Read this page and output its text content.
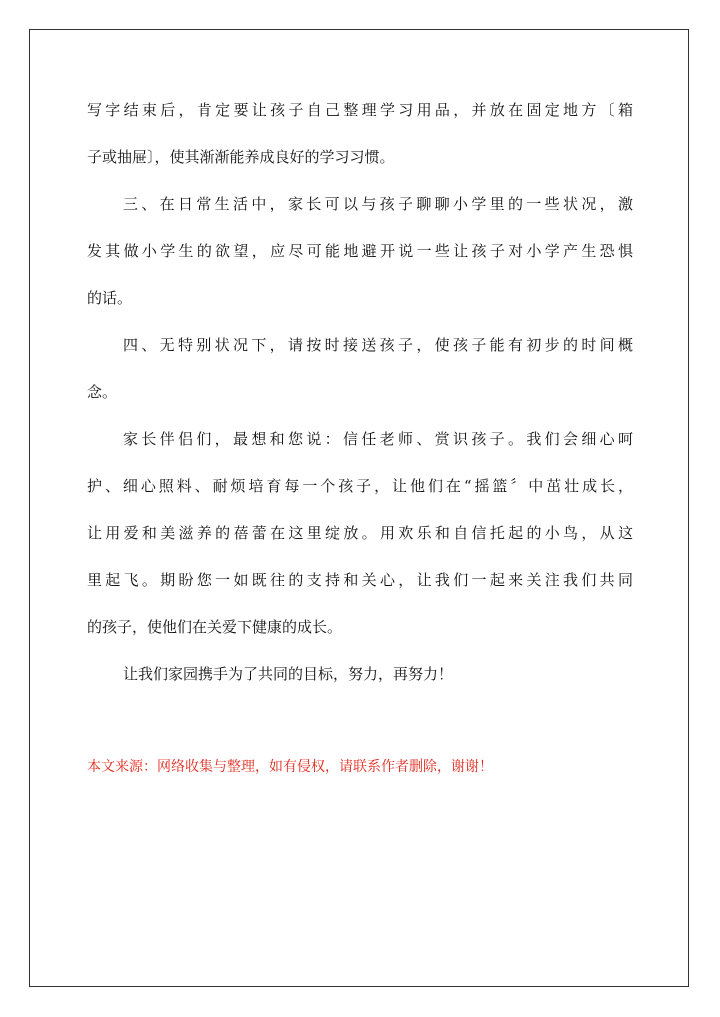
写字结束后，肯定要让孩子自己整理学习用品，并放在固定地方〔箱
子或抽屉〕，使其渐渐能养成良好的学习习惯。
三、在日常生活中，家长可以与孩子聊聊小学里的一些状况，激
发其做小学生的欲望，应尽可能地避开说一些让孩子对小学产生恐惧
的话。
四、无特别状况下，请按时接送孩子，使孩子能有初步的时间概
念。
家长伴侣们，最想和您说：信任老师、赏识孩子。我们会细心呵
护、细心照料、耐烦培育每一个孩子，让他们在“摇篮〞中茁壮成长，
让用爱和美滋养的蓓蕾在这里绽放。用欢乐和自信托起的小鸟，从这
里起飞。期盼您一如既往的支持和关心，让我们一起来关注我们共同
的孩子，使他们在关爱下健康的成长。
让我们家园携手为了共同的目标，努力，再努力！
本文来源：网络收集与整理，如有侵权，请联系作者删除，谢谢！
